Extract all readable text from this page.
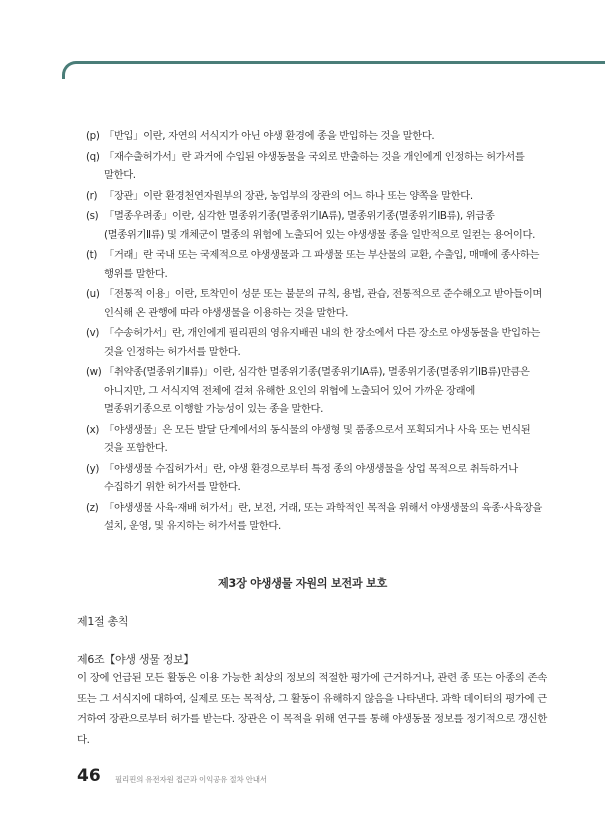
(p) 「반입」이란, 자연의 서식지가 아닌 야생 환경에 종을 반입하는 것을 말한다.
(q) 「재수출허가서」란 과거에 수입된 야생동물을 국외로 반출하는 것을 개인에게 인정하는 허가서를 말한다.
(r) 「장관」이란 환경천연자원부의 장관, 농업부의 장관의 어느 하나 또는 양쪽을 말한다.
(s) 「멸종우려종」이란, 심각한 멸종위기종(멸종위기ⅠA류), 멸종위기종(멸종위기ⅠB류), 위급종(멸종위기Ⅱ류) 및 개체군이 멸종의 위험에 노출되어 있는 야생생물 종을 일반적으로 일컫는 용어이다.
(t) 「거래」란 국내 또는 국제적으로 야생생물과 그 파생물 또는 부산물의 교환, 수출입, 매매에 종사하는 행위를 말한다.
(u) 「전통적 이용」이란, 토착민이 성문 또는 불문의 규칙, 용법, 관습, 전통적으로 준수해오고 받아들이며 인식해 온 관행에 따라 야생생물을 이용하는 것을 말한다.
(v) 「수송허가서」란, 개인에게 필리핀의 영유지배권 내의 한 장소에서 다른 장소로 야생동물을 반입하는 것을 인정하는 허가서를 말한다.
(w) 「취약종(멸종위기Ⅱ류)」이란, 심각한 멸종위기종(멸종위기ⅠA류), 멸종위기종(멸종위기ⅠB류)만큼은 아니지만, 그 서식지역 전체에 걸쳐 유해한 요인의 위협에 노출되어 있어 가까운 장래에 멸종위기종으로 이행할 가능성이 있는 종을 말한다.
(x) 「야생생물」은 모든 발달 단계에서의 동식물의 야생형 및 품종으로서 포획되거나 사육 또는 번식된 것을 포함한다.
(y) 「야생생물 수집허가서」란, 야생 환경으로부터 특정 종의 야생생물을 상업 목적으로 취득하거나 수집하기 위한 허가서를 말한다.
(z) 「야생생물 사육·재배 허가서」란, 보전, 거래, 또는 과학적인 목적을 위해서 야생생물의 육종·사육장을 설치, 운영, 및 유지하는 허가서를 말한다.
제3장 야생생물 자원의 보전과 보호
제1절 총칙
제6조【야생 생물 정보】
이 장에 언급된 모든 활동은 이용 가능한 최상의 정보의 적절한 평가에 근거하거나, 관련 종 또는 아종의 존속 또는 그 서식지에 대하여, 실제로 또는 목적상, 그 활동이 유해하지 않음을 나타낸다. 과학 데이터의 평가에 근거하여 장관으로부터 허가를 받는다. 장관은 이 목적을 위해 연구를 통해 야생동물 정보를 정기적으로 갱신한다.
46 필리핀의 유전자원 접근과 이익공유 절차 안내서
